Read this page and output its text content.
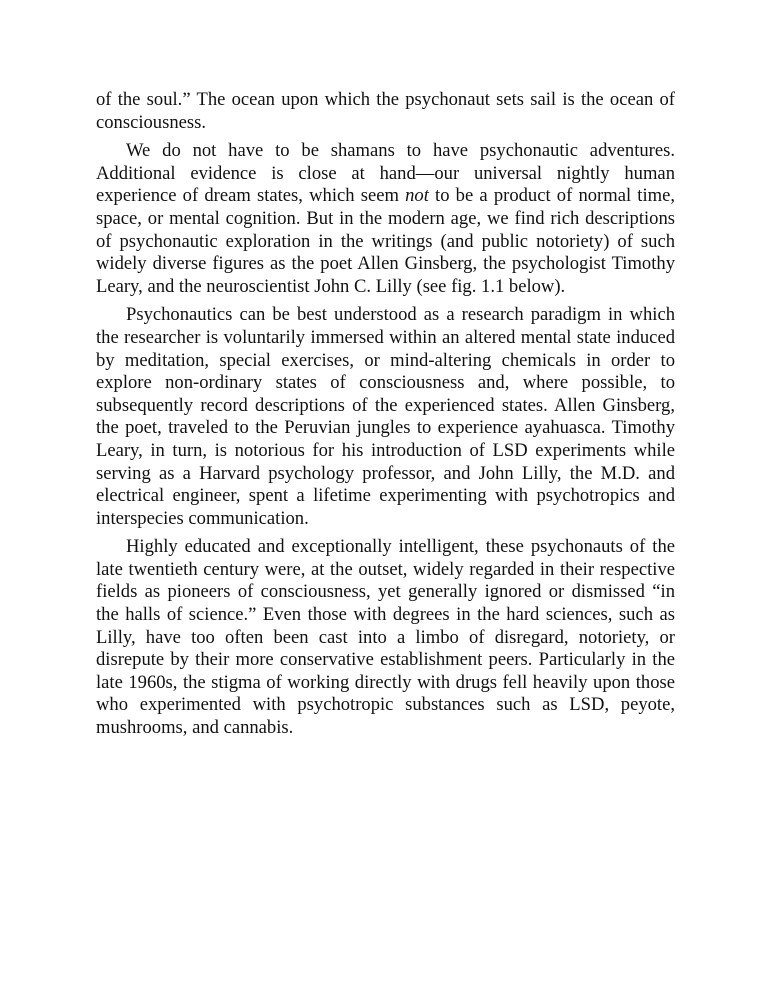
of the soul.” The ocean upon which the psychonaut sets sail is the ocean of consciousness.

We do not have to be shamans to have psychonautic adventures. Additional evidence is close at hand—our universal nightly human experience of dream states, which seem not to be a product of normal time, space, or mental cognition. But in the modern age, we find rich descriptions of psychonautic exploration in the writings (and public notoriety) of such widely diverse figures as the poet Allen Ginsberg, the psychologist Timothy Leary, and the neuroscientist John C. Lilly (see fig. 1.1 below).

Psychonautics can be best understood as a research paradigm in which the researcher is voluntarily immersed within an altered mental state induced by meditation, special exercises, or mind-altering chemicals in order to explore non-ordinary states of consciousness and, where possible, to subsequently record descriptions of the experienced states. Allen Ginsberg, the poet, traveled to the Peruvian jungles to experience ayahuasca. Timothy Leary, in turn, is notorious for his introduction of LSD experiments while serving as a Harvard psychology professor, and John Lilly, the M.D. and electrical engineer, spent a lifetime experimenting with psychotropics and interspecies communication.

Highly educated and exceptionally intelligent, these psychonauts of the late twentieth century were, at the outset, widely regarded in their respective fields as pioneers of consciousness, yet generally ignored or dismissed “in the halls of science.” Even those with degrees in the hard sciences, such as Lilly, have too often been cast into a limbo of disregard, notoriety, or disrepute by their more conservative establishment peers. Particularly in the late 1960s, the stigma of working directly with drugs fell heavily upon those who experimented with psychotropic substances such as LSD, peyote, mushrooms, and cannabis.
